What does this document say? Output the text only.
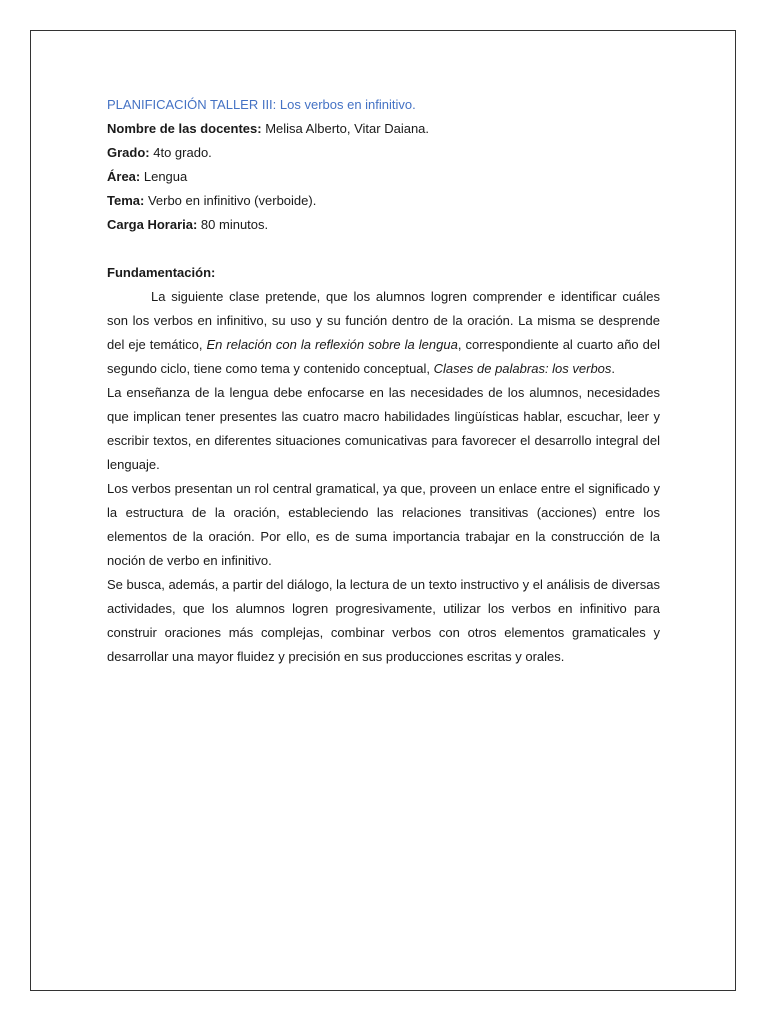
PLANIFICACIÓN TALLER III: Los verbos en infinitivo.

Nombre de las docentes: Melisa Alberto, Vitar Daiana.

Grado: 4to grado.

Área: Lengua

Tema: Verbo en infinitivo (verboide).

Carga Horaria: 80 minutos.

Fundamentación:

La siguiente clase pretende, que los alumnos logren comprender e identificar cuáles son los verbos en infinitivo, su uso y su función dentro de la oración. La misma se desprende del eje temático, En relación con la reflexión sobre la lengua, correspondiente al cuarto año del segundo ciclo, tiene como tema y contenido conceptual, Clases de palabras: los verbos.

La enseñanza de la lengua debe enfocarse en las necesidades de los alumnos, necesidades que implican tener presentes las cuatro macro habilidades lingüísticas hablar, escuchar, leer y escribir textos, en diferentes situaciones comunicativas para favorecer el desarrollo integral del lenguaje.

Los verbos presentan un rol central gramatical, ya que, proveen un enlace entre el significado y la estructura de la oración, estableciendo las relaciones transitivas (acciones) entre los elementos de la oración. Por ello, es de suma importancia trabajar en la construcción de la noción de verbo en infinitivo.

Se busca, además, a partir del diálogo, la lectura de un texto instructivo y el análisis de diversas actividades, que los alumnos logren progresivamente, utilizar los verbos en infinitivo para construir oraciones más complejas, combinar verbos con otros elementos gramaticales y desarrollar una mayor fluidez y precisión en sus producciones escritas y orales.
